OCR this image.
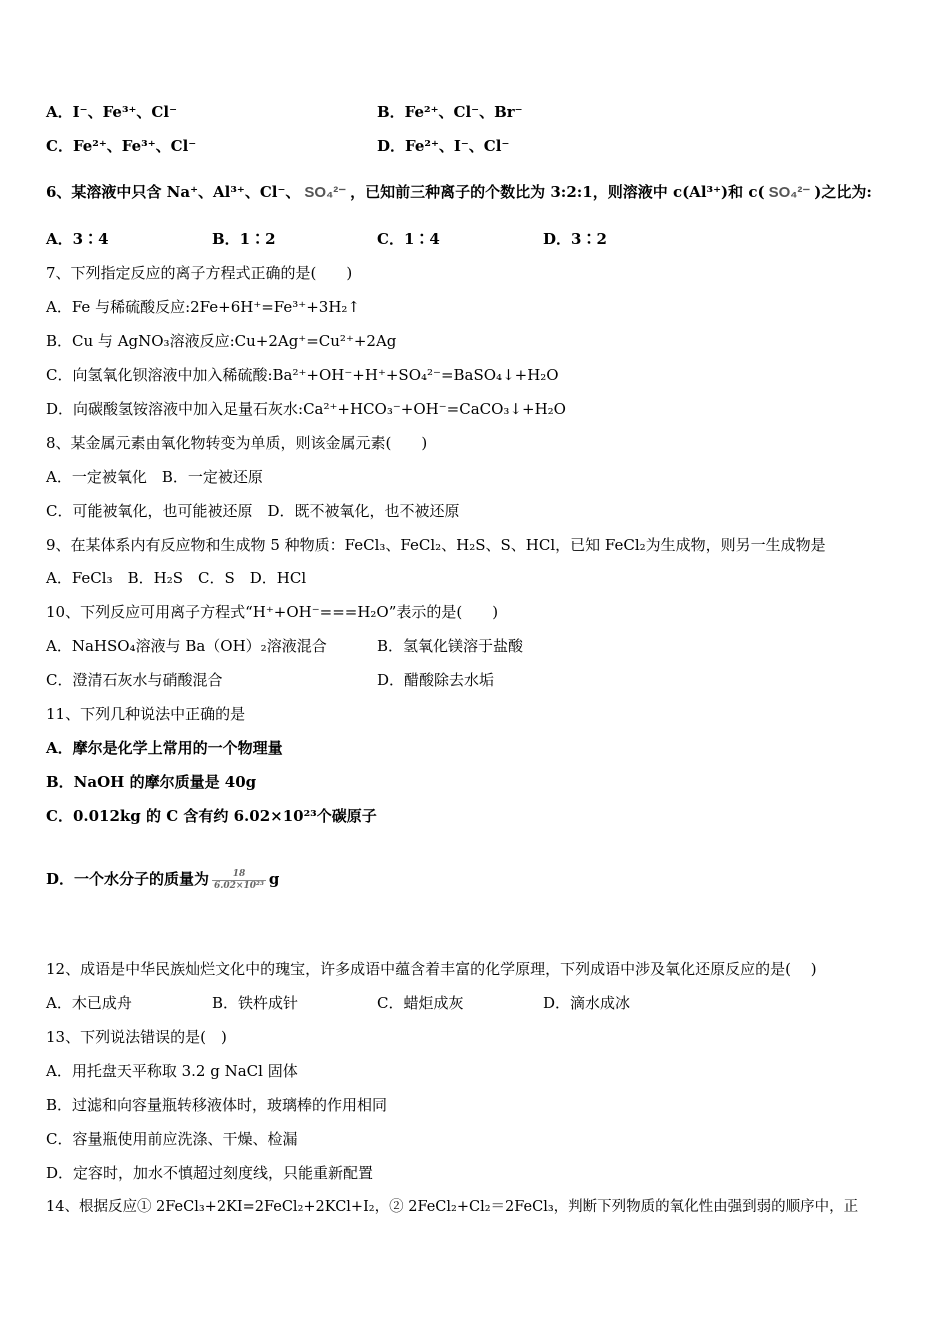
A．I⁻、Fe³⁺、Cl⁻	B．Fe²⁺、Cl⁻、Br⁻
C．Fe²⁺、Fe³⁺、Cl⁻	D．Fe²⁺、I⁻、Cl⁻
6、某溶液中只含 Na⁺、Al³⁺、Cl⁻、 SO₄²⁻ ，已知前三种离子的个数比为 3:2:1，则溶液中 c(Al³⁺)和 c( SO₄²⁻ )之比为:
A．3∶4	B．1∶2	C．1∶4	D．3∶2
7、下列指定反应的离子方程式正确的是(　　)
A．Fe 与稀硫酸反应:2Fe+6H⁺=Fe³⁺+3H₂↑
B．Cu 与 AgNO₃溶液反应:Cu+2Ag⁺=Cu²⁺+2Ag
C．向氢氧化钡溶液中加入稀硫酸:Ba²⁺+OH⁻+H⁺+SO₄²⁻=BaSO₄↓+H₂O
D．向碳酸氢铵溶液中加入足量石灰水:Ca²⁺+HCO₃⁻+OH⁻=CaCO₃↓+H₂O
8、某金属元素由氧化物转变为单质，则该金属元素(　　)
A．一定被氧化　B．一定被还原
C．可能被氧化，也可能被还原　D．既不被氧化，也不被还原
9、在某体系内有反应物和生成物 5 种物质：FeCl₃、FeCl₂、H₂S、S、HCl，已知 FeCl₂为生成物，则另一生成物是
A．FeCl₃　B．H₂S　C．S　D．HCl
10、下列反应可用离子方程式“H⁺+OH⁻===H₂O”表示的是(　　)
A．NaHSO₄溶液与 Ba（OH）₂溶液混合	B．氢氧化镁溶于盐酸
C．澄清石灰水与硝酸混合	D．醋酸除去水垢
11、下列几种说法中正确的是
A．摩尔是化学上常用的一个物理量
B．NaOH 的摩尔质量是 40g
C．0.012kg 的 C 含有约 6.02×10²³个碳原子
D．一个水分子的质量为 $\frac{18}{\text{6.02×10²³}}$ g
12、成语是中华民族灿烂文化中的瑰宝，许多成语中蕴含着丰富的化学原理，下列成语中涉及氧化还原反应的是(　 )
A．木已成舟	B．铁杵成针	C．蜡炬成灰	D．滴水成冰
13、下列说法错误的是(　)
A．用托盘天平称取 3.2 g NaCl 固体
B．过滤和向容量瓶转移液体时，玻璃棒的作用相同
C．容量瓶使用前应洗涤、干燥、检漏
D．定容时，加水不慎超过刻度线，只能重新配置
14、根据反应① 2FeCl₃+2KI=2FeCl₂+2KCl+I₂，② 2FeCl₂+Cl₂＝2FeCl₃，判断下列物质的氧化性由强到弱的顺序中，正
